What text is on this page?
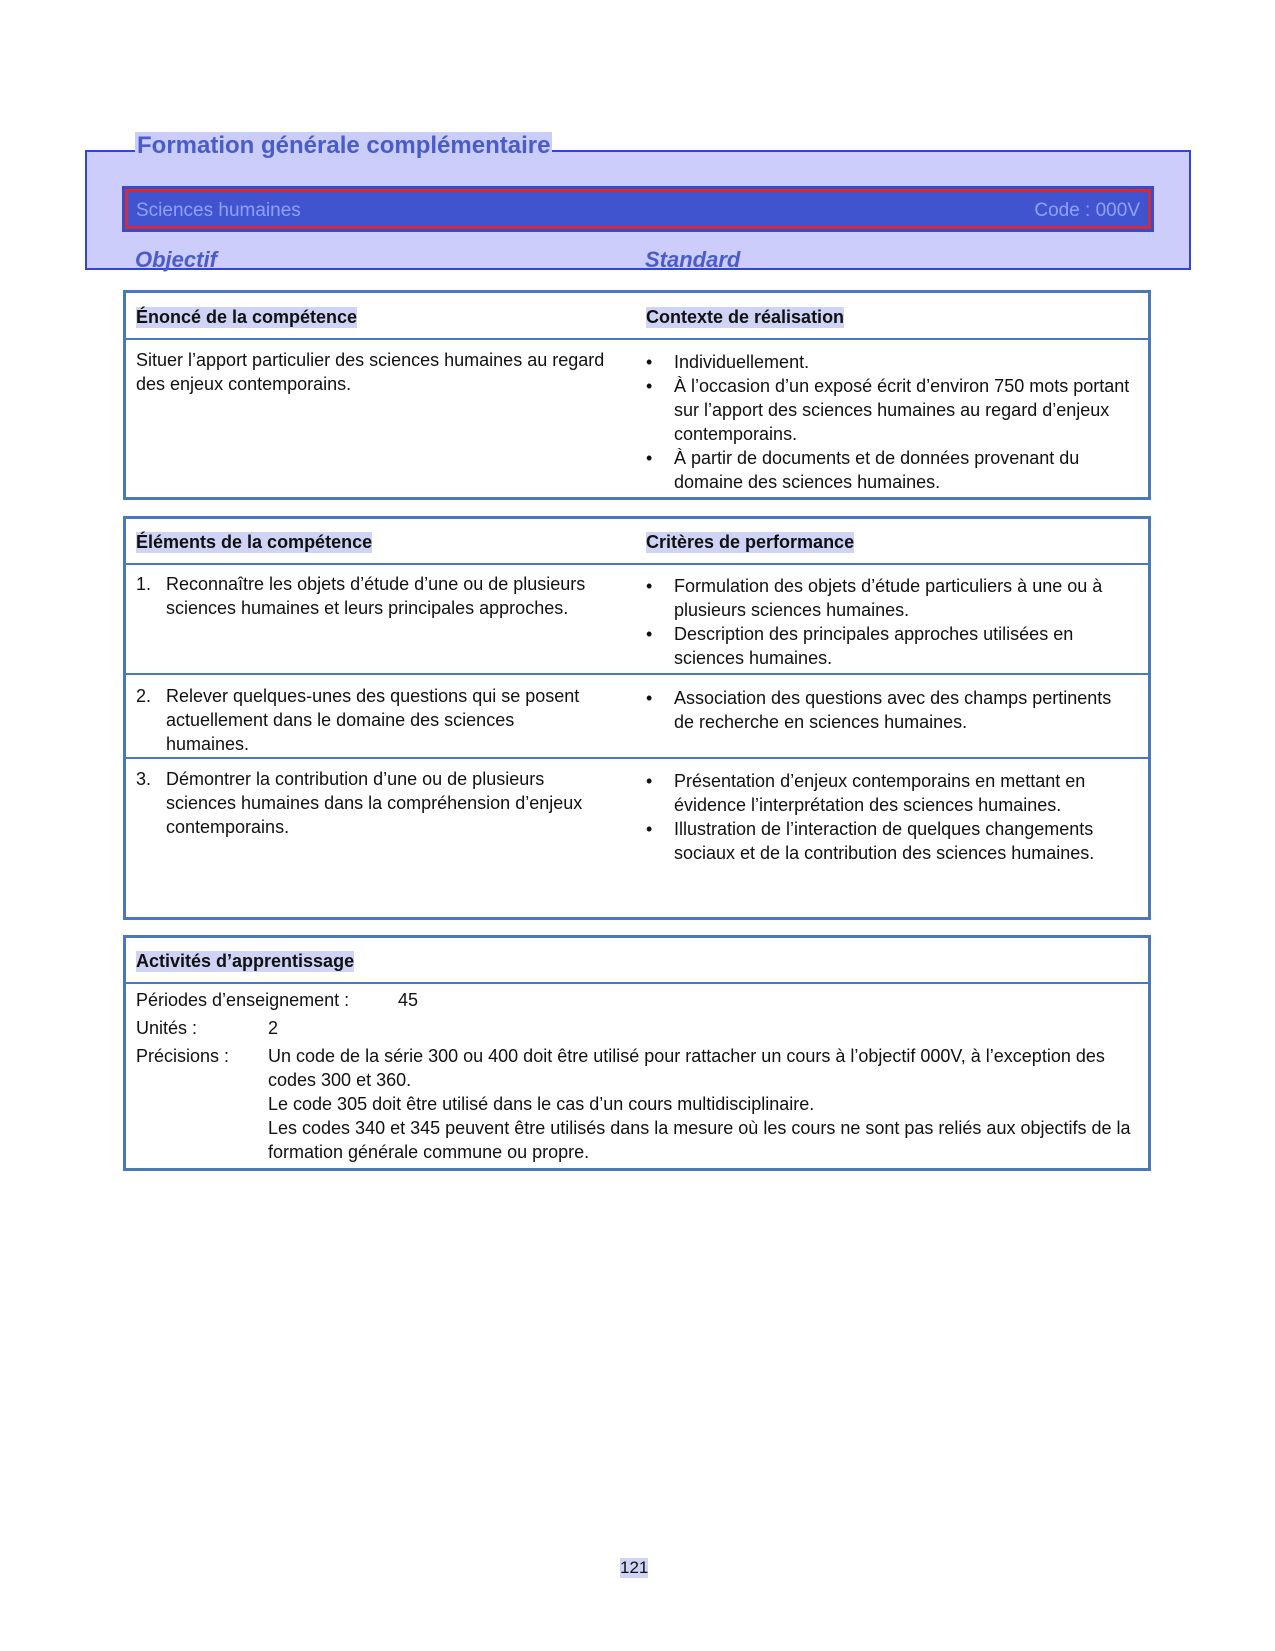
Formation générale complémentaire
Sciences humaines	Code : 000V
Objectif	Standard
Énoncé de la compétence	Contexte de réalisation
Situer l’apport particulier des sciences humaines au regard des enjeux contemporains.
• Individuellement.
• À l’occasion d’un exposé écrit d’environ 750 mots portant sur l’apport des sciences humaines au regard d’enjeux contemporains.
• À partir de documents et de données provenant du domaine des sciences humaines.
Éléments de la compétence	Critères de performance
1. Reconnaître les objets d’étude d’une ou de plusieurs sciences humaines et leurs principales approches.
• Formulation des objets d’étude particuliers à une ou à plusieurs sciences humaines.
• Description des principales approches utilisées en sciences humaines.
2. Relever quelques-unes des questions qui se posent actuellement dans le domaine des sciences humaines.
• Association des questions avec des champs pertinents de recherche en sciences humaines.
3. Démontrer la contribution d’une ou de plusieurs sciences humaines dans la compréhension d’enjeux contemporains.
• Présentation d’enjeux contemporains en mettant en évidence l’interprétation des sciences humaines.
• Illustration de l’interaction de quelques changements sociaux et de la contribution des sciences humaines.
Activités d’apprentissage
Périodes d’enseignement :	45
Unités :	2
Précisions : Un code de la série 300 ou 400 doit être utilisé pour rattacher un cours à l’objectif 000V, à l’exception des codes 300 et 360.
Le code 305 doit être utilisé dans le cas d’un cours multidisciplinaire.
Les codes 340 et 345 peuvent être utilisés dans la mesure où les cours ne sont pas reliés aux objectifs de la formation générale commune ou propre.
121
